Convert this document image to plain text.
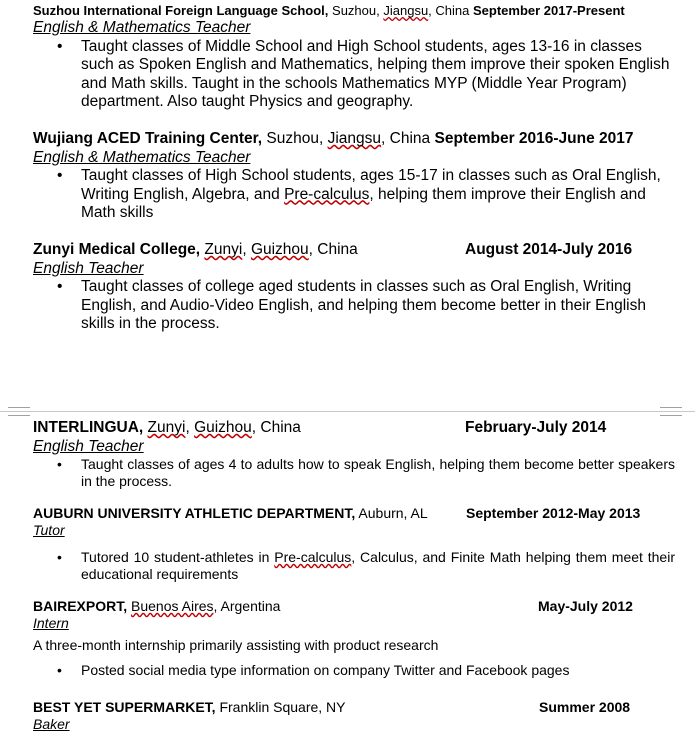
Suzhou International Foreign Language School, Suzhou, Jiangsu, China September 2017-Present
English & Mathematics Teacher
• Taught classes of Middle School and High School students, ages 13-16 in classes such as Spoken English and Mathematics, helping them improve their spoken English and Math skills. Taught in the schools Mathematics MYP (Middle Year Program) department. Also taught Physics and geography.
Wujiang ACED Training Center, Suzhou, Jiangsu, China September 2016-June 2017
English & Mathematics Teacher
• Taught classes of High School students, ages 15-17 in classes such as Oral English, Writing English, Algebra, and Pre-calculus, helping them improve their English and Math skills
Zunyi Medical College, Zunyi, Guizhou, China	August 2014-July 2016
English Teacher
• Taught classes of college aged students in classes such as Oral English, Writing English, and Audio-Video English, and helping them become better in their English skills in the process.
INTERLINGUA, Zunyi, Guizhou, China	February-July 2014
English Teacher
• Taught classes of ages 4 to adults how to speak English, helping them become better speakers in the process.
AUBURN UNIVERSITY ATHLETIC DEPARTMENT, Auburn, AL	September 2012-May 2013
Tutor
• Tutored 10 student-athletes in Pre-calculus, Calculus, and Finite Math helping them meet their educational requirements
BAIREXPORT, Buenos Aires, Argentina	May-July 2012
Intern
A three-month internship primarily assisting with product research
• Posted social media type information on company Twitter and Facebook pages
BEST YET SUPERMARKET, Franklin Square, NY	Summer 2008
Baker
